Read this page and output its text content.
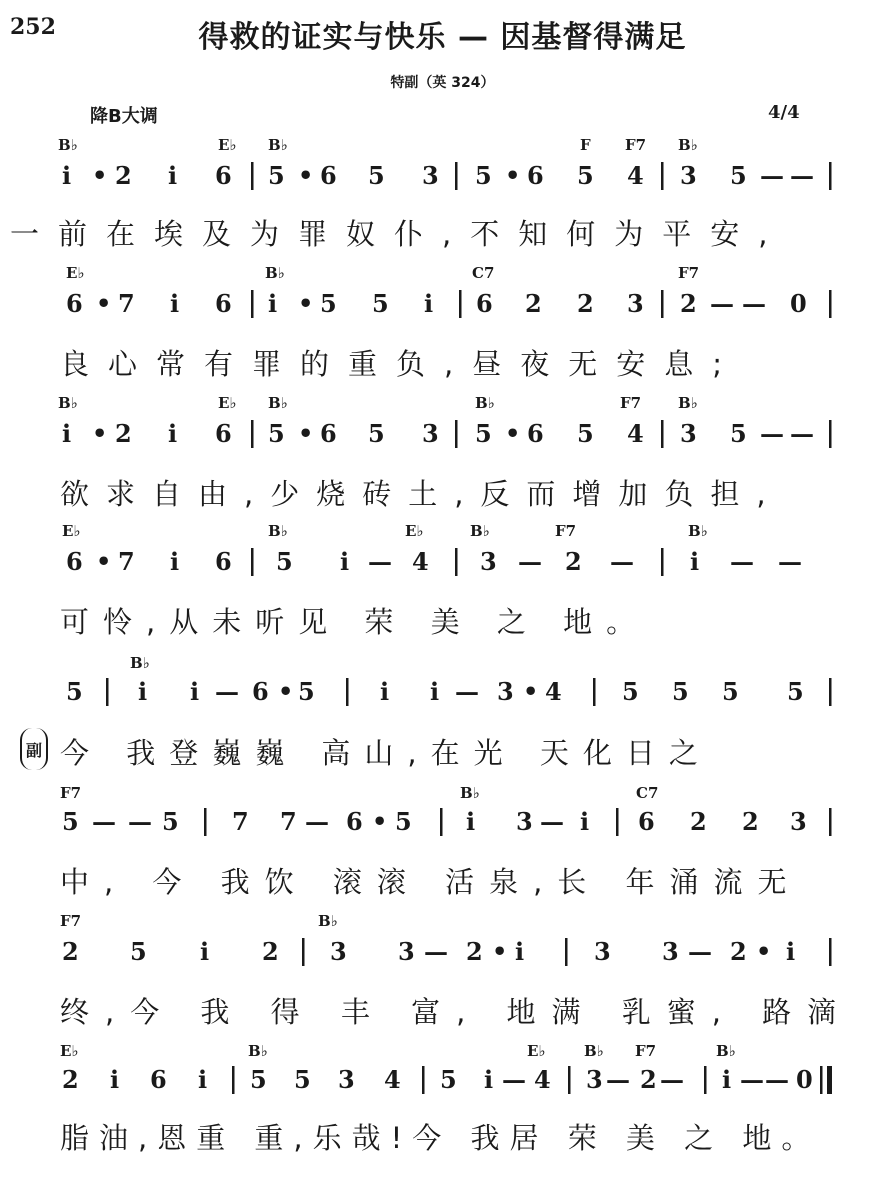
252	得救的证实与快乐 — 因基督得满足
特副（英 324）
降B大调	4/4
B♭	E♭ B♭	F F7 B♭
i • 2 i 6 5 • 6 5 3 5 • 6 5 4 3 5 — —
一前在埃及为罪奴仆,不知何为平安,
E♭	B♭	C7	F7
6 • 7 i 6 i • 5 5 i 6 2 2 3 2 — — 0
良心常有罪的重负,昼夜无安息;
B♭	E♭ B♭	B♭	F7 B♭
i • 2 i 6 5 • 6 5 3 5 • 6 5 4 3 5 — —
欲求自由,少烧砖土,反而增加负担,
E♭	B♭	E♭	B♭	F7	B♭
6 • 7 i 6 5 i — 4 3 — 2 — i — —
可怜,从未听见 荣 美 之 地。
B♭
5 i i — 6 • 5	i i — 3 • 4	5 5 5 5
副 今 我登巍巍 高山,在光 天化日之
F7	B♭	C7
5 — — 5 7 7 — 6 • 5 i 3 — i 6 2 2 3
中, 今 我饮 滚滚 活泉,长 年涌流无
F7	B♭
2 5 i 2 3 3 — 2 • i	3 3 — 2 • i
终,今 我 得 丰 富, 地满 乳蜜, 路滴
E♭	B♭	E♭	B♭ F7	B♭
2 i 6 i 5 5 3 4 5 i — 4 3 — 2 — i — — 0
脂油,恩重 重,乐哉!今 我居 荣 美 之 地。
